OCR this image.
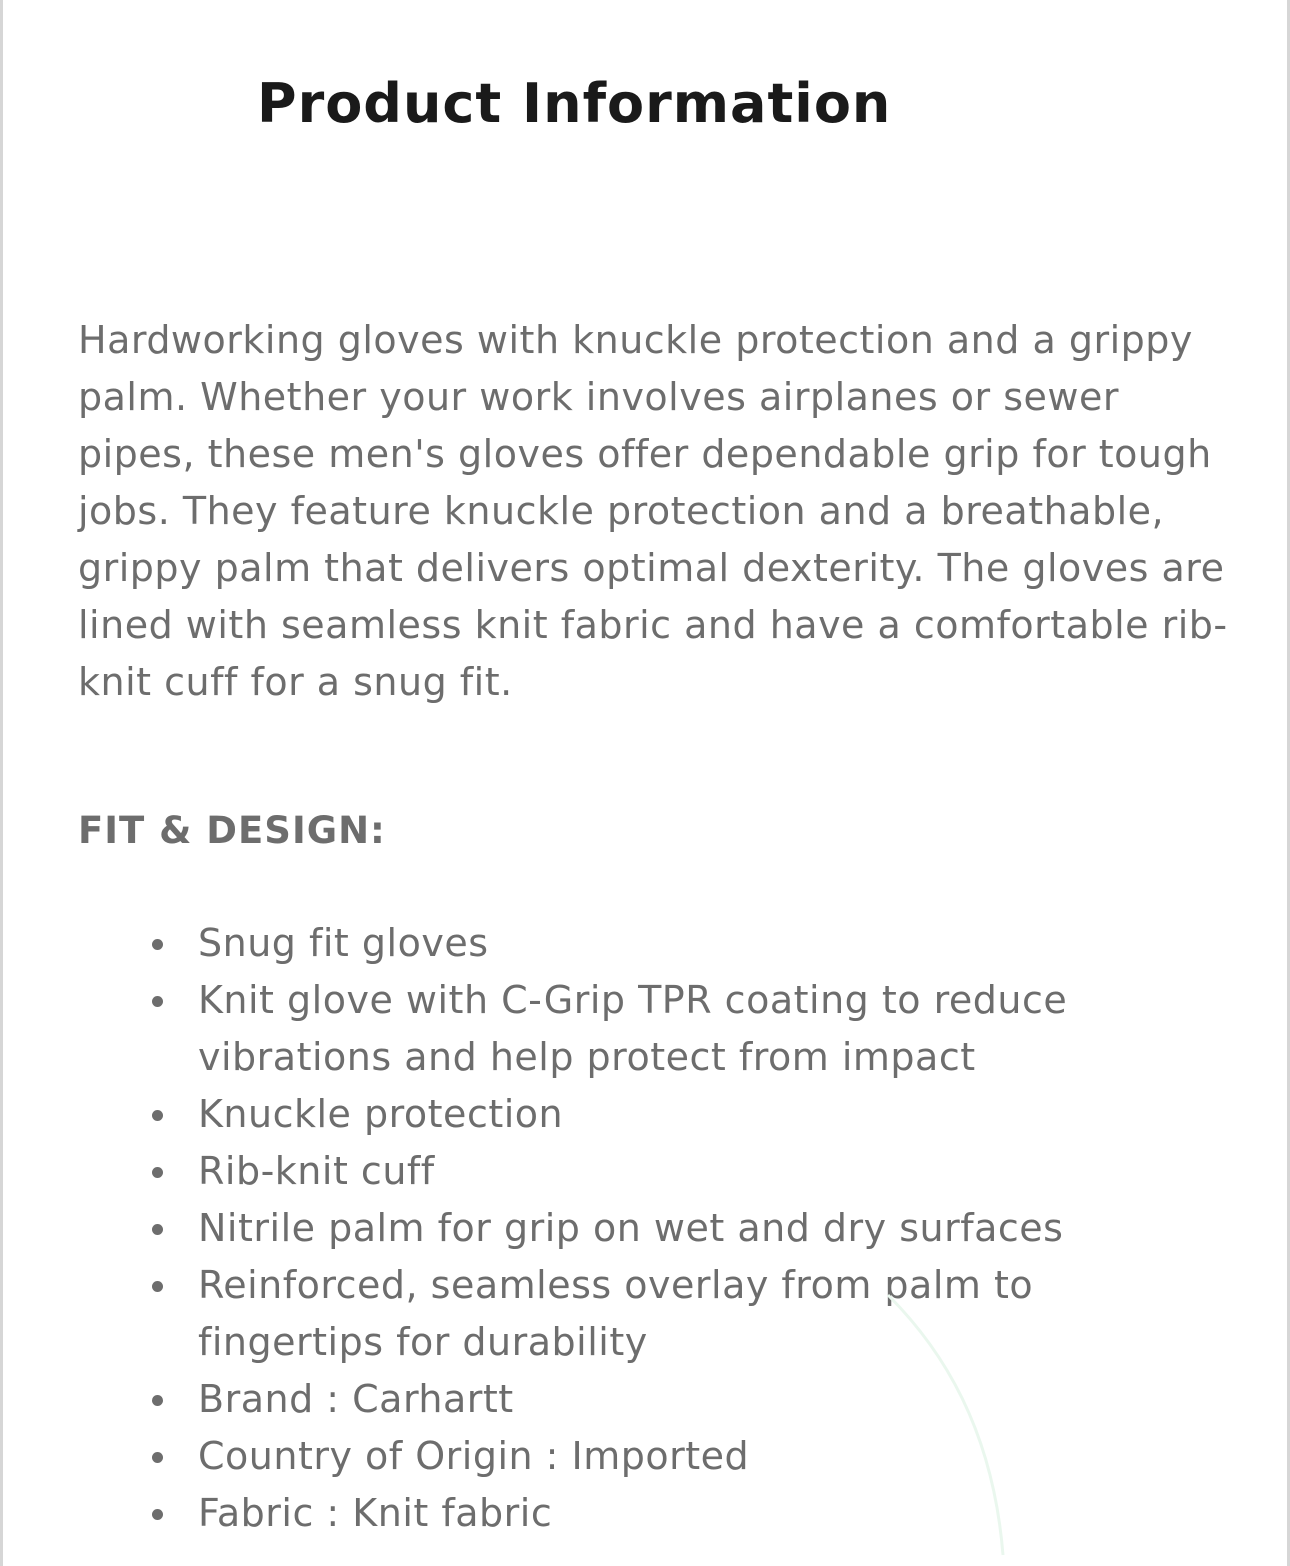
Product Information

Hardworking gloves with knuckle protection and a grippy palm. Whether your work involves airplanes or sewer pipes, these men's gloves offer dependable grip for tough jobs. They feature knuckle protection and a breathable, grippy palm that delivers optimal dexterity. The gloves are lined with seamless knit fabric and have a comfortable rib-knit cuff for a snug fit.

FIT & DESIGN:
Snug fit gloves
Knit glove with C-Grip TPR coating to reduce vibrations and help protect from impact
Knuckle protection
Rib-knit cuff
Nitrile palm for grip on wet and dry surfaces
Reinforced, seamless overlay from palm to fingertips for durability
Brand : Carhartt
Country of Origin : Imported
Fabric : Knit fabric
